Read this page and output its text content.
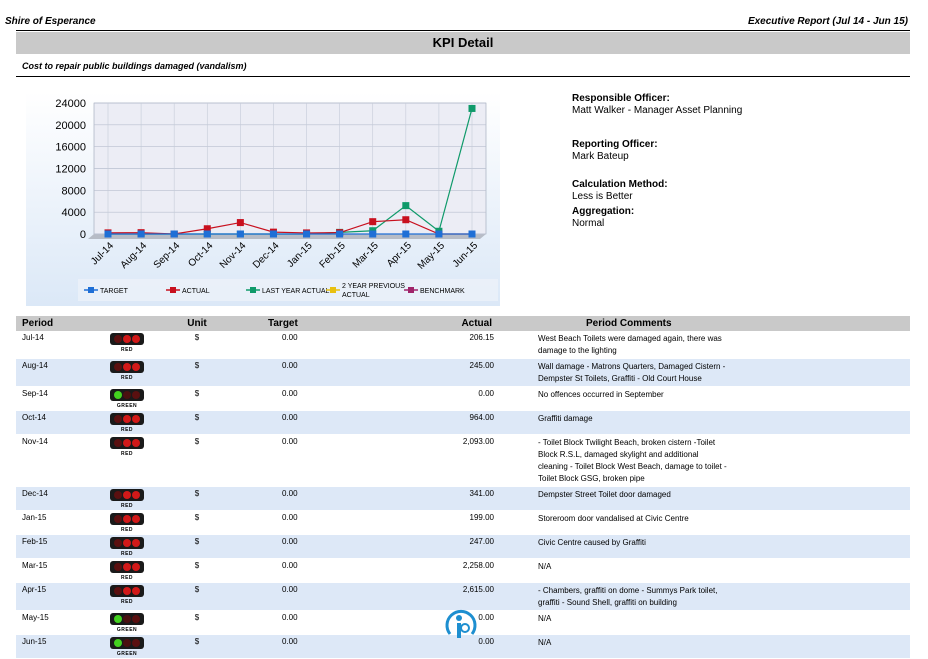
Shire of Esperance	Executive Report (Jul 14 - Jun 15)
KPI Detail
Cost to repair public buildings damaged (vandalism)
0
4000
8000
12000
16000
20000
24000
Jul-14 Aug-14 Sep-14 Oct-14 Nov-14 Dec-14 Jan-15 Feb-15 Mar-15 Apr-15 May-15 Jun-15
TARGET	ACTUAL	LAST YEAR ACTUAL
2 YEAR PREVIOUS
ACTUAL
BENCHMARK
Responsible Officer:
Matt Walker - Manager Asset Planning
Reporting Officer:
Mark Bateup
Calculation Method:
Less is Better
Aggregation:
Normal
Period		Unit	Target	Actual	Period Comments
Jul-14	RED	$	0.00	206.15	West Beach Toilets were damaged again, there was damage to the lighting
Aug-14	RED	$	0.00	245.00	Wall damage - Matrons Quarters, Damaged Cistern - Dempster St Toilets, Graffiti - Old Court House
Sep-14	GREEN	$	0.00	0.00	No offences occurred in September
Oct-14	RED	$	0.00	964.00	Graffiti damage
Nov-14	RED	$	0.00	2,093.00	- Toilet Block Twilight Beach, broken cistern -Toilet Block R.S.L, damaged skylight and additional cleaning - Toilet Block West Beach, damage to toilet - Toilet Block GSG, broken pipe
Dec-14	RED	$	0.00	341.00	Dempster Street Toilet door damaged
Jan-15	RED	$	0.00	199.00	Storeroom door vandalised at Civic Centre
Feb-15	RED	$	0.00	247.00	Civic Centre caused by Graffiti
Mar-15	RED	$	0.00	2,258.00	N/A
Apr-15	RED	$	0.00	2,615.00	- Chambers, graffiti on dome - Summys Park toilet, graffiti - Sound Shell, graffiti on building
May-15	GREEN	$	0.00	0.00	N/A
Jun-15	GREEN	$	0.00	0.00	N/A
